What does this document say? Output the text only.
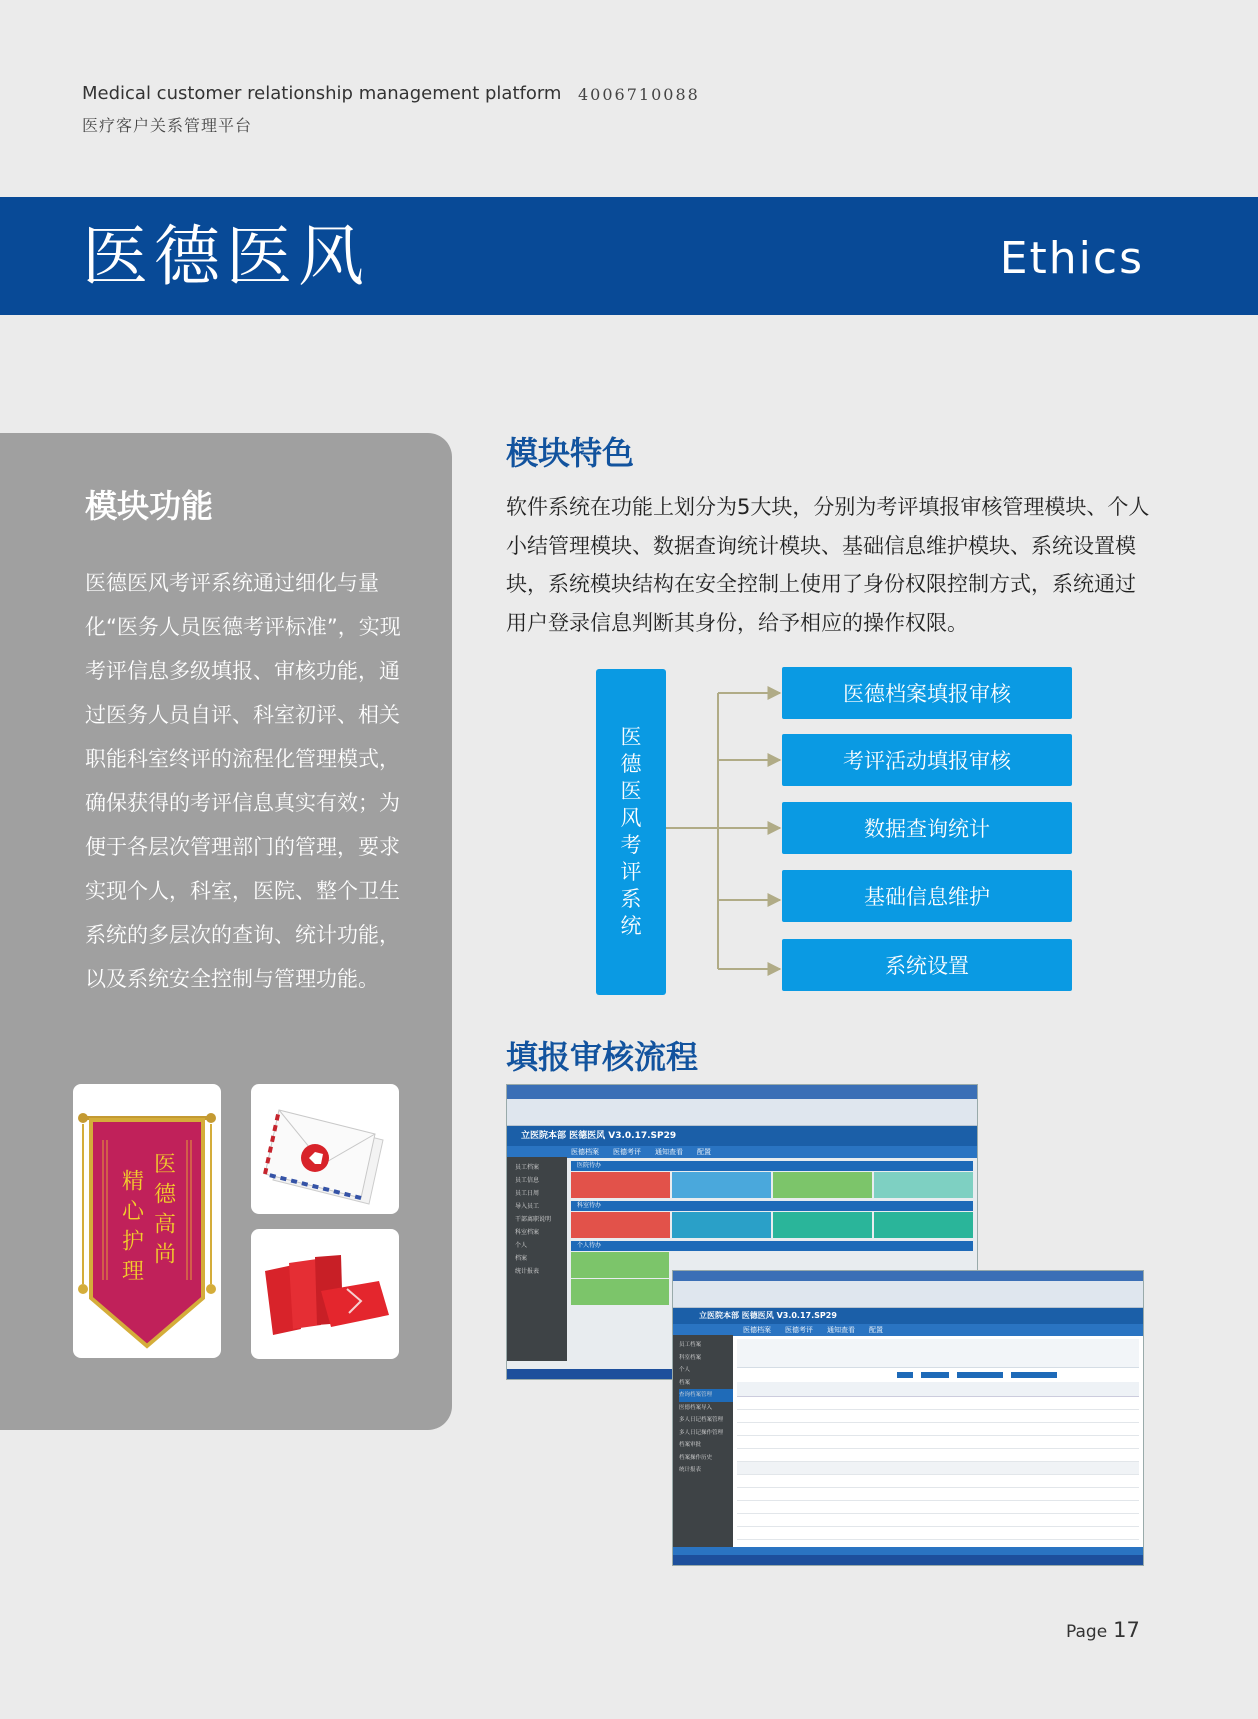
Medical customer relationship management platform 4006710088
医疗客户关系管理平台
医德医风	Ethics
模块功能
医德医风考评系统通过细化与量化“医务人员医德考评标准”，实现考评信息多级填报、审核功能，通过医务人员自评、科室初评、相关职能科室终评的流程化管理模式，确保获得的考评信息真实有效；为便于各层次管理部门的管理，要求实现个人，科室，医院、整个卫生系统的多层次的查询、统计功能，以及系统安全控制与管理功能。
精心护理 医德高尚
模块特色
软件系统在功能上划分为5大块，分别为考评填报审核管理模块、个人小结管理模块、数据查询统计模块、基础信息维护模块、系统设置模块，系统模块结构在安全控制上使用了身份权限控制方式，系统通过用户登录信息判断其身份，给予相应的操作权限。
医
德
医
风
考
评
系
统
医德档案填报审核
考评活动填报审核
数据查询统计
基础信息维护
系统设置
填报审核流程
立医院本部 医德医风 V3.0.17.SP29
医德档案 医德考评 通知查看 配置
员工档案
员工信息
员工日周
导入员工
干部离职说明
科室档案
个人
档案
统计报表
医院待办
科室待办
个人待办
立医院本部 医德医风 V3.0.17.SP29
医德档案 医德考评 通知查看 配置
员工档案
科室档案
个人
档案
查询档案管理
医德档案导入
多人日记档案管理
多人日记操作管理
档案审批
档案操作历史
统计报表
Page 17
